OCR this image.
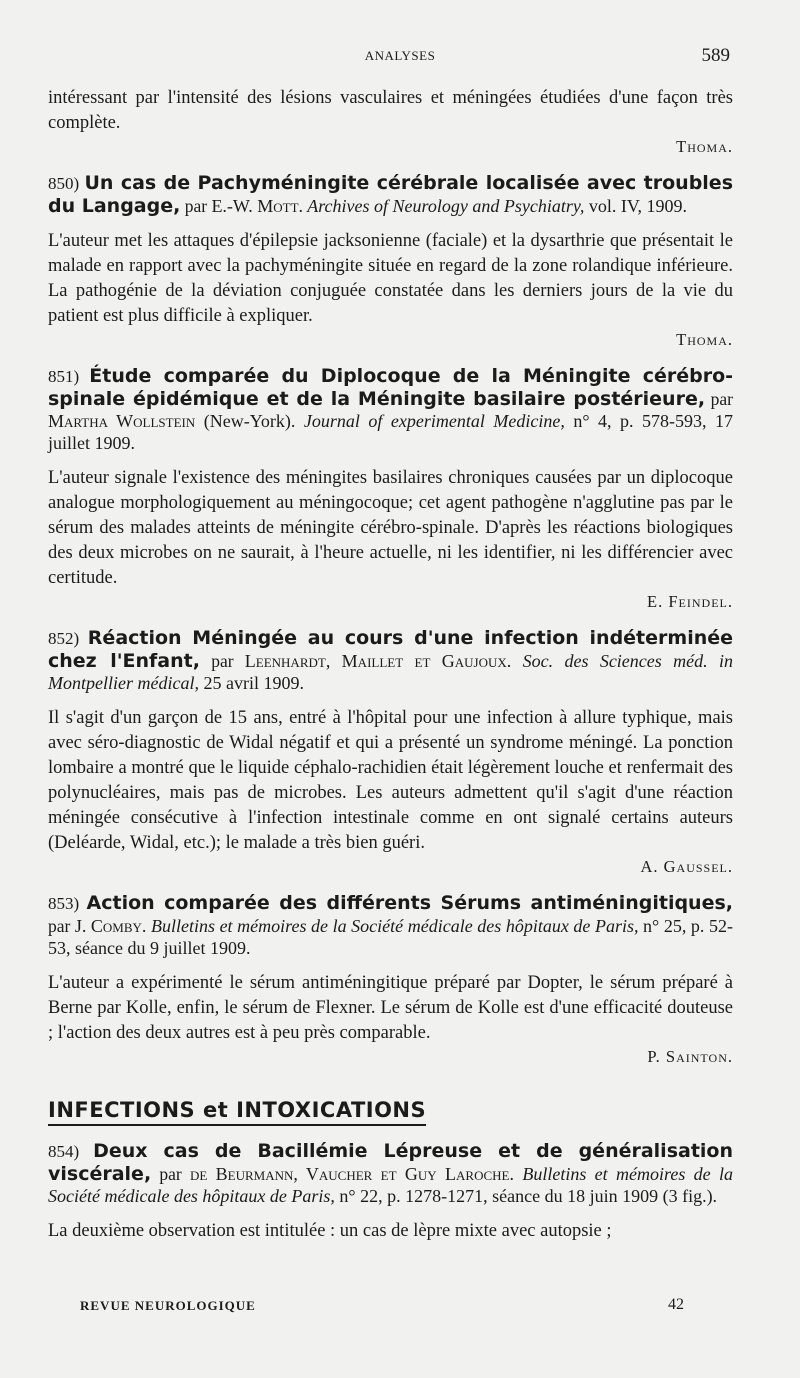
ANALYSES	589

intéressant par l'intensité des lésions vasculaires et méningées étudiées d'une façon très complète.

Thoma.

850) Un cas de Pachyméningite cérébrale localisée avec troubles du Langage, par E.-W. Mott. Archives of Neurology and Psychiatry, vol. IV, 1909.

L'auteur met les attaques d'épilepsie jacksonienne (faciale) et la dysarthrie que présentait le malade en rapport avec la pachyméningite située en regard de la zone rolandique inférieure. La pathogénie de la déviation conjuguée constatée dans les derniers jours de la vie du patient est plus difficile à expliquer.

Thoma.

851) Étude comparée du Diplocoque de la Méningite cérébro-spinale épidémique et de la Méningite basilaire postérieure, par Martha Wollstein (New-York). Journal of experimental Medicine, n° 4, p. 578-593, 17 juillet 1909.

L'auteur signale l'existence des méningites basilaires chroniques causées par un diplocoque analogue morphologiquement au méningocoque; cet agent pathogène n'agglutine pas par le sérum des malades atteints de méningite cérébro-spinale. D'après les réactions biologiques des deux microbes on ne saurait, à l'heure actuelle, ni les identifier, ni les différencier avec certitude.

E. Feindel.

852) Réaction Méningée au cours d'une infection indéterminée chez l'Enfant, par Leenhardt, Maillet et Gaujoux. Soc. des Sciences méd. in Montpellier médical, 25 avril 1909.

Il s'agit d'un garçon de 15 ans, entré à l'hôpital pour une infection à allure typhique, mais avec séro-diagnostic de Widal négatif et qui a présenté un syndrome méningé. La ponction lombaire a montré que le liquide céphalo-rachidien était légèrement louche et renfermait des polynucléaires, mais pas de microbes. Les auteurs admettent qu'il s'agit d'une réaction méningée consécutive à l'infection intestinale comme en ont signalé certains auteurs (Deléarde, Widal, etc.); le malade a très bien guéri.

A. Gaussel.

853) Action comparée des différents Sérums antiméningitiques, par J. Comby. Bulletins et mémoires de la Société médicale des hôpitaux de Paris, n° 25, p. 52-53, séance du 9 juillet 1909.

L'auteur a expérimenté le sérum antiméningitique préparé par Dopter, le sérum préparé à Berne par Kolle, enfin, le sérum de Flexner. Le sérum de Kolle est d'une efficacité douteuse ; l'action des deux autres est à peu près comparable.

P. Sainton.
INFECTIONS et INTOXICATIONS

854) Deux cas de Bacillémie Lépreuse et de généralisation viscérale, par de Beurmann, Vaucher et Guy Laroche. Bulletins et mémoires de la Société médicale des hôpitaux de Paris, n° 22, p. 1278-1271, séance du 18 juin 1909 (3 fig.).

La deuxième observation est intitulée : un cas de lèpre mixte avec autopsie ;

REVUE NEUROLOGIQUE	42
